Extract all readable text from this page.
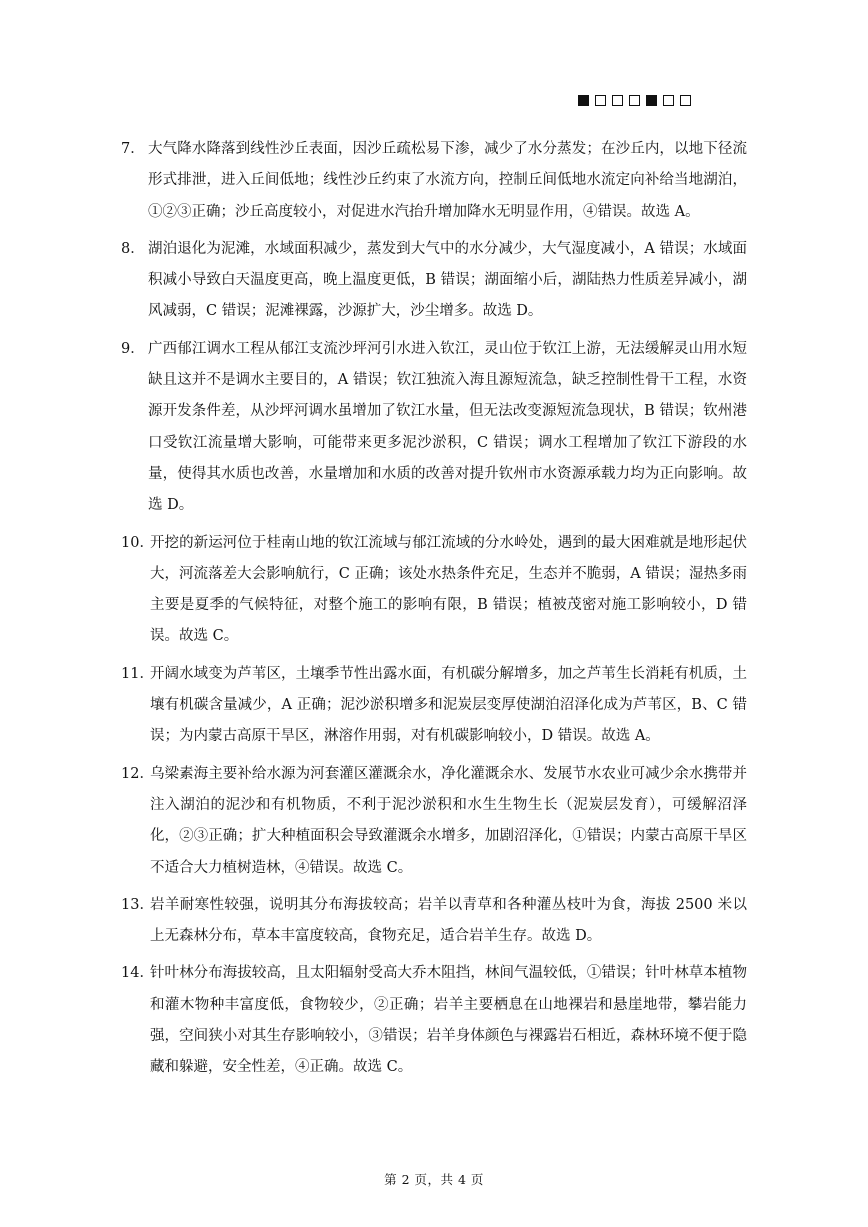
7． 大气降水降落到线性沙丘表面，因沙丘疏松易下渗，减少了水分蒸发；在沙丘内，以地下径流形式排泄，进入丘间低地；线性沙丘约束了水流方向，控制丘间低地水流定向补给当地湖泊，①②③正确；沙丘高度较小，对促进水汽抬升增加降水无明显作用，④错误。故选 A。
8． 湖泊退化为泥滩，水域面积减少，蒸发到大气中的水分减少，大气湿度减小，A 错误；水域面积减小导致白天温度更高，晚上温度更低，B 错误；湖面缩小后，湖陆热力性质差异减小，湖风减弱，C 错误；泥滩裸露，沙源扩大，沙尘增多。故选 D。
9． 广西郁江调水工程从郁江支流沙坪河引水进入钦江，灵山位于钦江上游，无法缓解灵山用水短缺且这并不是调水主要目的，A 错误；钦江独流入海且源短流急，缺乏控制性骨干工程，水资源开发条件差，从沙坪河调水虽增加了钦江水量，但无法改变源短流急现状，B 错误；钦州港口受钦江流量增大影响，可能带来更多泥沙淤积，C 错误；调水工程增加了钦江下游段的水量，使得其水质也改善，水量增加和水质的改善对提升钦州市水资源承载力均为正向影响。故选 D。
10．
开挖的新运河位于桂南山地的钦江流域与郁江流域的分水岭处，遇到的最大困难就是地形起伏大，河流落差大会影响航行，C 正确；该处水热条件充足，生态并不脆弱，A 错误；湿热多雨主要是夏季的气候特征，对整个施工的影响有限，B 错误；植被茂密对施工影响较小，D 错误。故选 C。
11．
开阔水域变为芦苇区，土壤季节性出露水面，有机碳分解增多，加之芦苇生长消耗有机质，土壤有机碳含量减少，A 正确；泥沙淤积增多和泥炭层变厚使湖泊沼泽化成为芦苇区，B、C 错误；为内蒙古高原干旱区，淋溶作用弱，对有机碳影响较小，D 错误。故选 A。
12．
乌梁素海主要补给水源为河套灌区灌溉余水，净化灌溉余水、发展节水农业可减少余水携带并注入湖泊的泥沙和有机物质，不利于泥沙淤积和水生生物生长（泥炭层发育），可缓解沼泽化，②③正确；扩大种植面积会导致灌溉余水增多，加剧沼泽化，①错误；内蒙古高原干旱区不适合大力植树造林，④错误。故选 C。
13．
岩羊耐寒性较强，说明其分布海拔较高；岩羊以青草和各种灌丛枝叶为食，海拔 2500 米以上无森林分布，草本丰富度较高，食物充足，适合岩羊生存。故选 D。
14．
针叶林分布海拔较高，且太阳辐射受高大乔木阻挡，林间气温较低，①错误；针叶林草本植物和灌木物种丰富度低，食物较少，②正确；岩羊主要栖息在山地裸岩和悬崖地带，攀岩能力强，空间狭小对其生存影响较小，③错误；岩羊身体颜色与裸露岩石相近，森林环境不便于隐藏和躲避，安全性差，④正确。故选 C。
第 2 页，共 4 页
